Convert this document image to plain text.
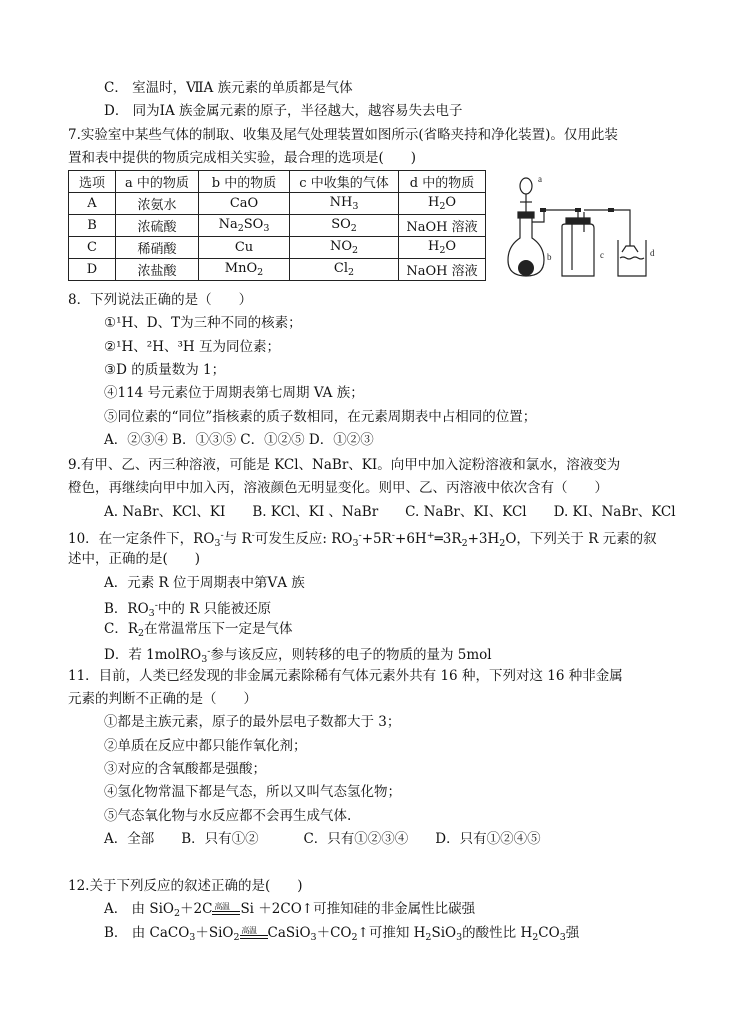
C． 室温时，ⅦA 族元素的单质都是气体
D． 同为ⅠA 族金属元素的原子，半径越大，越容易失去电子
7.实验室中某些气体的制取、收集及尾气处理装置如图所示(省略夹持和净化装置)。仅用此装
置和表中提供的物质完成相关实验，最合理的选项是(　　)
选项	a 中的物质	b 中的物质	c 中收集的气体	d 中的物质
A	浓氨水	CaO	$NH_3$	$H_2O$
B	浓硫酸	$Na_2SO_3$	$SO_2$	NaOH 溶液
C	稀硝酸	Cu	$NO_2$	$H_2O$
D	浓盐酸	MnO$_2$	$Cl_2$	NaOH 溶液
a
b	c	d
8．下列说法正确的是（　　）
①¹H、D、T为三种不同的核素；
②¹H、²H、³H 互为同位素；
③D 的质量数为 1；
④114 号元素位于周期表第七周期 VA 族；
⑤同位素的“同位”指核素的质子数相同，在元素周期表中占相同的位置；
A．②③④ B．①③⑤ C．①②⑤ D．①②③
9.有甲、乙、丙三种溶液，可能是 KCl、NaBr、KI。向甲中加入淀粉溶液和氯水，溶液变为
橙色，再继续向甲中加入丙，溶液颜色无明显变化。则甲、乙、丙溶液中依次含有（　　）
A. NaBr、KCl、KI　　B. KCl、KI 、NaBr　　C. NaBr、KI、KCl　　D. KI、NaBr、KCl
10．在一定条件下，$RO_3^-$与 R-可发生反应: $RO_3^-+5R^-+6H^+═3R_2+3H_2O$，下列关于 R 元素的叙
述中，正确的是(　　)
A．元素 R 位于周期表中第ⅤA 族
B．$RO_3^-$中的 R 只能被还原
C．$R_2$在常温常压下一定是气体
D．若 1molRO$_3$-参与该反应，则转移的电子的物质的量为 5mol
11．目前，人类已经发现的非金属元素除稀有气体元素外共有 16 种，下列对这 16 种非金属
元素的判断不正确的是（　　）
①都是主族元素，原子的最外层电子数都大于 3；
②单质在反应中都只能作氧化剂；
③对应的含氧酸都是强酸；
④氢化物常温下都是气态，所以又叫气态氢化物；
⑤气态氧化物与水反应都不会再生成气体.
A．全部　　B．只有①②　　　 C．只有①②③④　　D．只有①②④⑤
12.关于下列反应的叙述正确的是(　　)
A． 由 SiO$_2$＋2C 高温 Si ＋2CO↑可推知硅的非金属性比碳强
B． 由 CaCO$_3$＋SiO$_2$
高温 $CaSiO_3+CO_2↑$可推知 $H_2SiO_3$的酸性比 $H_2CO_3$强
